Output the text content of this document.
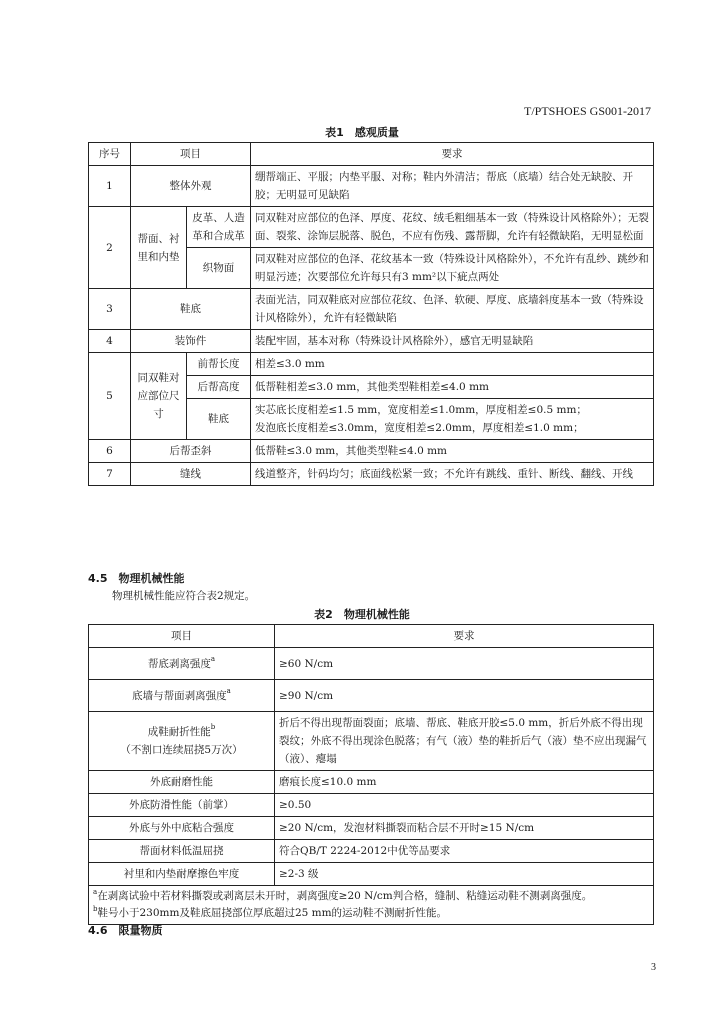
T/PTSHOES GS001-2017
表1　感观质量
序号	项目		要求
1	整体外观		绷帮端正、平服；内垫平服、对称；鞋内外清洁；帮底（底墙）结合处无缺胶、开胶；无明显可见缺陷
2	帮面、衬里和内垫	皮革、人造革和合成革	同双鞋对应部位的色泽、厚度、花纹、绒毛粗细基本一致（特殊设计风格除外）；无裂面、裂浆、涂饰层脱落、脱色，不应有伤残、露帮脚，允许有轻微缺陷，无明显松面
		织物面	同双鞋对应部位的色泽、花纹基本一致（特殊设计风格除外），不允许有乱纱、跳纱和明显污迹；次要部位允许每只有3 mm²以下疵点两处
3	鞋底		表面光洁，同双鞋底对应部位花纹、色泽、软硬、厚度、底墙斜度基本一致（特殊设计风格除外），允许有轻微缺陷
4	装饰件		装配牢固，基本对称（特殊设计风格除外），感官无明显缺陷
5	同双鞋对应部位尺寸	前帮长度	相差≤3.0 mm
		后帮高度	低帮鞋相差≤3.0 mm，其他类型鞋相差≤4.0 mm
		鞋底	实芯底长度相差≤1.5 mm，宽度相差≤1.0mm，厚度相差≤0.5 mm；
发泡底长度相差≤3.0mm，宽度相差≤2.0mm，厚度相差≤1.0 mm；

6	后帮歪斜		低帮鞋≤3.0 mm，其他类型鞋≤4.0 mm
7	缝线		线道整齐，针码均匀；底面线松紧一致；不允许有跳线、重针、断线、翻线、开线
4.5　物理机械性能
物理机械性能应符合表2规定。
表2　物理机械性能
项目	要求
帮底剥离强度$^a$	≥60 N/cm
底墙与帮面剥离强度$^a$	≥90 N/cm

成鞋耐折性能$^b$
（不割口连续屈挠5万次）	折后不得出现帮面裂面；底墙、帮底、鞋底开胶≤5.0 mm，折后外底不得出现裂纹；外底不得出现涂色脱落；有气（液）垫的鞋折后气（液）垫不应出现漏气（液）、瘪塌
外底耐磨性能	磨痕长度≤10.0 mm
外底防滑性能（前掌）	≥0.50
外底与外中底粘合强度	≥20 N/cm，发泡材料撕裂而粘合层不开时≥15 N/cm
帮面材料低温屈挠	符合QB/T 2224-2012中优等品要求
衬里和内垫耐摩擦色牢度	≥2-3 级

$^a$在剥离试验中若材料撕裂或剥离层未开时，剥离强度≥20 N/cm判合格，缝制、粘缝运动鞋不测剥离强度。
$^b$鞋号小于230mm及鞋底屈挠部位厚底超过25 mm的运动鞋不测耐折性能。	
4.6　限量物质
3
